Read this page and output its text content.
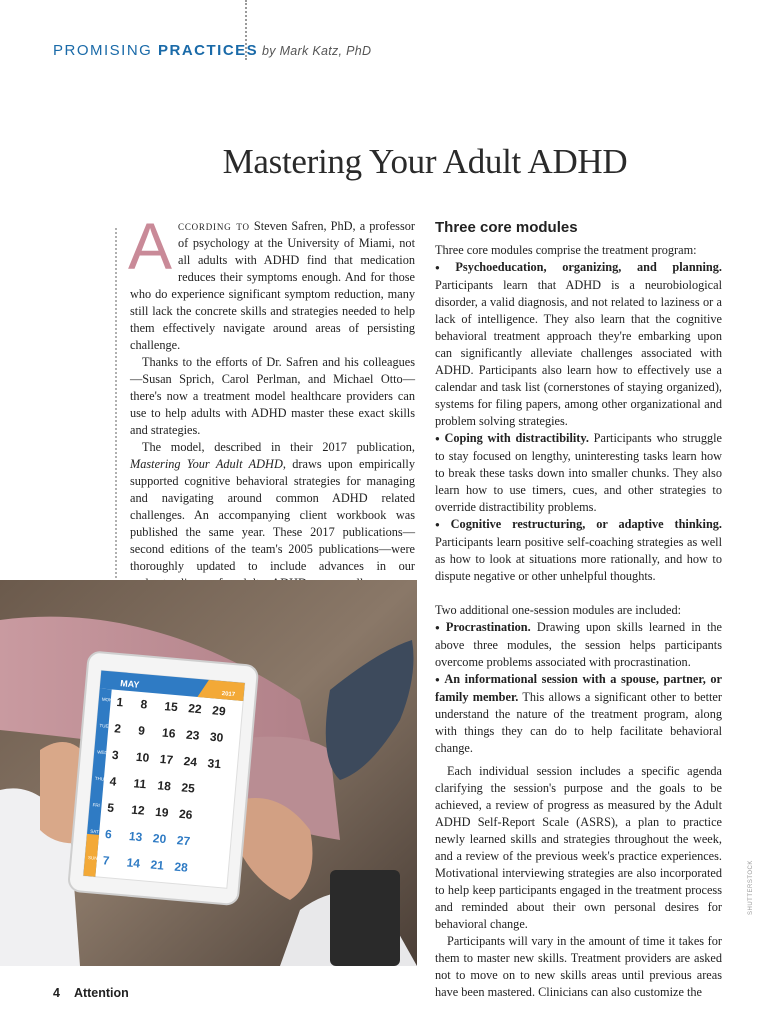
PROMISING PRACTICES by Mark Katz, PhD
Mastering Your Adult ADHD

According to Steven Safren, PhD, a professor of psychology at the University of Miami, not all adults with ADHD find that medication reduces their symptoms enough. And for those who do experience significant symptom reduction, many still lack the concrete skills and strategies needed to help them effectively navigate around areas of persisting challenge.

Thanks to the efforts of Dr. Safren and his colleagues—Susan Sprich, Carol Perlman, and Michael Otto—there's now a treatment model healthcare providers can use to help adults with ADHD master these exact skills and strategies.

The model, described in their 2017 publication, Mastering Your Adult ADHD, draws upon empirically supported cognitive behavioral strategies for managing and navigating around common ADHD related challenges. An accompanying client workbook was published the same year. These 2017 publications—second editions of the team's 2005 publications—were thoroughly updated to include advances in our

MAY
2017
MON
TUE
WED
THU
FRI
SAT
SUN
1 8 15 22 29
2 9 16 23 30
3 10 17 24 31
4 11 18 25
5 12 19 26
6 13 20 27
7 14 21 28

Three core modules

Three core modules comprise the treatment program:

● Psychoeducation, organizing, and planning. Participants learn that ADHD is a neurobiological disorder, a valid diagnosis, and not related to laziness or a lack of intelligence. They also learn that the cognitive behavioral treatment approach they're embarking upon can significantly alleviate challenges associated with ADHD. Participants also learn how to effectively use a calendar and task list (cornerstones of staying organized), systems for filing papers, among other organizational and problem solving strategies.

● Coping with distractibility. Participants who struggle to stay focused on lengthy, uninteresting tasks learn how to break these tasks down into smaller chunks. They also learn how to use timers, cues, and other strategies to override distractibility problems.

● Cognitive restructuring, or adaptive thinking. Participants learn positive self-coaching strategies as well as how to look at situations more rationally, and how to dispute negative or other unhelpful thoughts.

Two additional one-session modules are included:

● Procrastination. Drawing upon skills learned in the above three modules, the session helps participants overcome problems associated with procrastination.

● An informational session with a spouse, partner, or family member. This allows a significant other to better understand the nature of the treatment program, along with things they can do to help facilitate behavioral change.

Each individual session includes a specific agenda clarifying the session's purpose and the goals to be achieved, a review of progress as measured by the Adult ADHD Self-Report Scale (ASRS), a plan to practice newly learned skills and strategies throughout the week, and a review of the previous week's practice experiences. Motivational interviewing strategies are also incorporated to help keep participants engaged in the treatment process and reminded about their own personal desires for behavioral change.

Participants will vary in the amount of time it takes for them to master new skills. Treatment providers are asked not to move on to new skills areas until previous areas have been mastered. Clinicians can also customize the

SHUTTERSTOCK
4 Attention
